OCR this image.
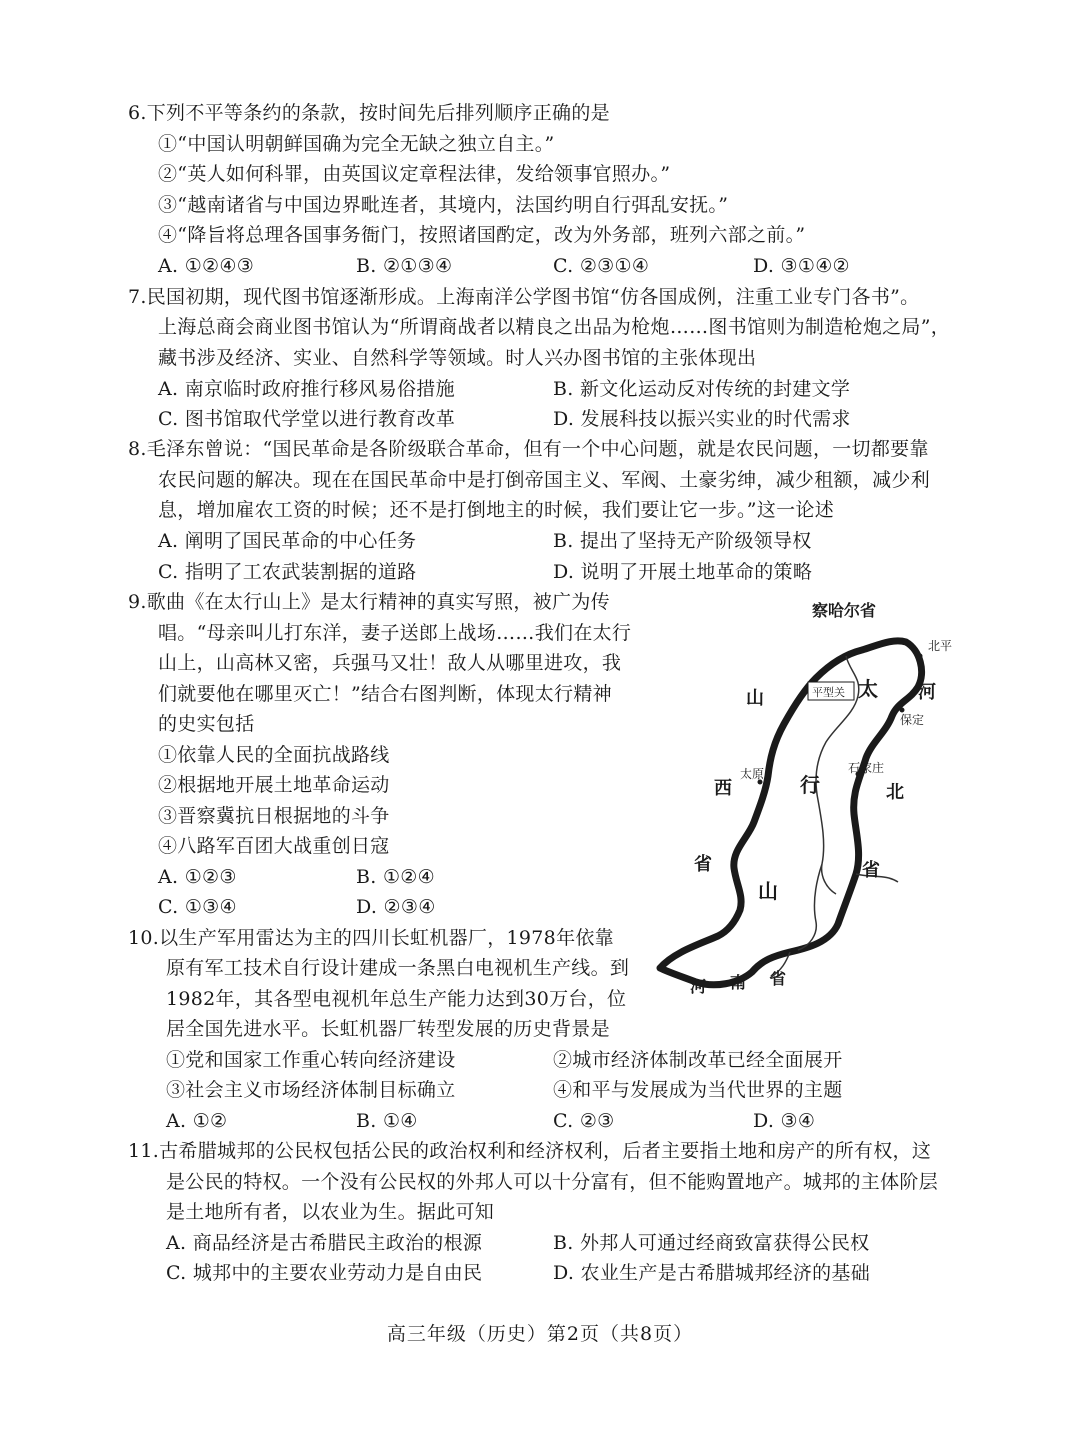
6.下列不平等条约的条款，按时间先后排列顺序正确的是
①“中国认明朝鲜国确为完全无缺之独立自主。”
②“英人如何科罪，由英国议定章程法律，发给领事官照办。”
③“越南诸省与中国边界毗连者，其境内，法国约明自行弭乱安抚。”
④“降旨将总理各国事务衙门，按照诸国酌定，改为外务部，班列六部之前。”
A. ①②④③	B. ②①③④	C. ②③①④	D. ③①④②
7.民国初期，现代图书馆逐渐形成。上海南洋公学图书馆“仿各国成例，注重工业专门各书”。
上海总商会商业图书馆认为“所谓商战者以精良之出品为枪炮……图书馆则为制造枪炮之局”，
藏书涉及经济、实业、自然科学等领域。时人兴办图书馆的主张体现出
A. 南京临时政府推行移风易俗措施	B. 新文化运动反对传统的封建文学
C. 图书馆取代学堂以进行教育改革	D. 发展科技以振兴实业的时代需求
8.毛泽东曾说：“国民革命是各阶级联合革命，但有一个中心问题，就是农民问题，一切都要靠
农民问题的解决。现在在国民革命中是打倒帝国主义、军阀、土豪劣绅，减少租额，减少利
息，增加雇农工资的时候；还不是打倒地主的时候，我们要让它一步。”这一论述
A. 阐明了国民革命的中心任务	B. 提出了坚持无产阶级领导权
C. 指明了工农武装割据的道路	D. 说明了开展土地革命的策略
9.歌曲《在太行山上》是太行精神的真实写照，被广为传
唱。“母亲叫儿打东洋，妻子送郎上战场……我们在太行
山上，山高林又密，兵强马又壮！敌人从哪里进攻，我
们就要他在哪里灭亡！”结合右图判断，体现太行精神
的史实包括
①依靠人民的全面抗战路线
②根据地开展土地革命运动
③晋察冀抗日根据地的斗争
④八路军百团大战重创日寇
A. ①②③	B. ①②④
C. ①③④	D. ②③④
察哈尔省
北平
平型关 太 河
山
保定
太原	石家庄
西	行	北
省	省
山
河 南 省
10.以生产军用雷达为主的四川长虹机器厂，1978年依靠
原有军工技术自行设计建成一条黑白电视机生产线。到
1982年，其各型电视机年总生产能力达到30万台，位
居全国先进水平。长虹机器厂转型发展的历史背景是
①党和国家工作重心转向经济建设	②城市经济体制改革已经全面展开
③社会主义市场经济体制目标确立	④和平与发展成为当代世界的主题
A. ①②	B. ①④	C. ②③	D. ③④
11.古希腊城邦的公民权包括公民的政治权利和经济权利，后者主要指土地和房产的所有权，这
是公民的特权。一个没有公民权的外邦人可以十分富有，但不能购置地产。城邦的主体阶层
是土地所有者，以农业为生。据此可知
A. 商品经济是古希腊民主政治的根源	B. 外邦人可通过经商致富获得公民权
C. 城邦中的主要农业劳动力是自由民	D. 农业生产是古希腊城邦经济的基础
高三年级（历史）第2页（共8页）
